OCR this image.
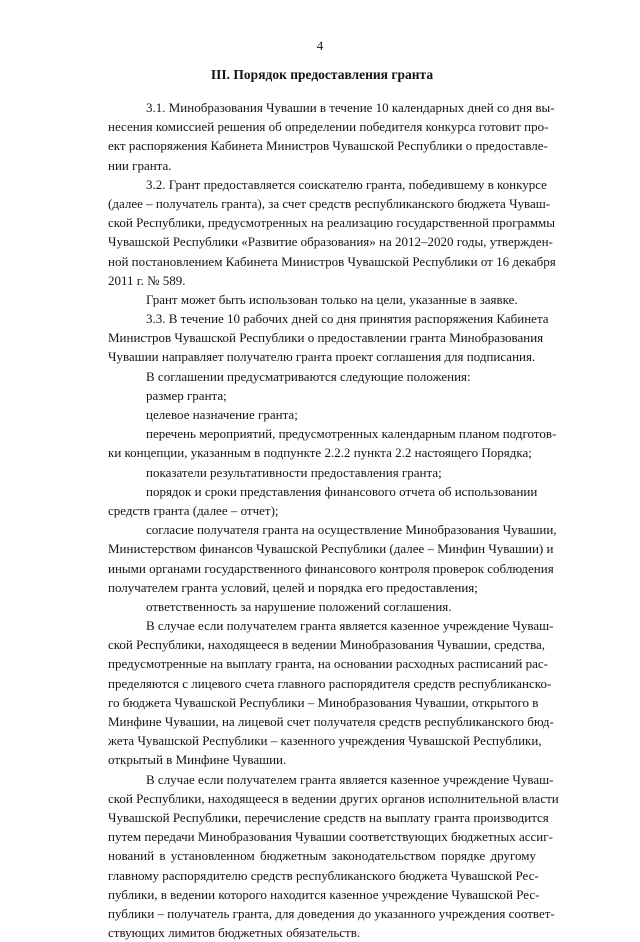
4
III. Порядок предоставления гранта
3.1. Минобразования Чувашии в течение 10 календарных дней со дня вы-
несения комиссией решения об определении победителя конкурса готовит про-
ект распоряжения Кабинета Министров Чувашской Республики о предоставле-
нии гранта.
3.2. Грант предоставляется соискателю гранта, победившему в конкурсе
(далее – получатель гранта), за счет средств республиканского бюджета Чуваш-
ской Республики, предусмотренных на реализацию государственной программы
Чувашской Республики «Развитие образования» на 2012–2020 годы, утвержден-
ной постановлением Кабинета Министров Чувашской Республики от 16 декабря
2011 г. № 589.
Грант может быть использован только на цели, указанные в заявке.
3.3. В течение 10 рабочих дней со дня принятия распоряжения Кабинета
Министров Чувашской Республики о предоставлении гранта Минобразования
Чувашии направляет получателю гранта проект соглашения для подписания.
В соглашении предусматриваются следующие положения:
размер гранта;
целевое назначение гранта;
перечень мероприятий, предусмотренных календарным планом подготов-
ки концепции, указанным в подпункте 2.2.2 пункта 2.2 настоящего Порядка;
показатели результативности предоставления гранта;
порядок и сроки представления финансового отчета об использовании
средств гранта (далее – отчет);
согласие получателя гранта на осуществление Минобразования Чувашии,
Министерством финансов Чувашской Республики (далее – Минфин Чувашии) и
иными органами государственного финансового контроля проверок соблюдения
получателем гранта условий, целей и порядка его предоставления;
ответственность за нарушение положений соглашения.
В случае если получателем гранта является казенное учреждение Чуваш-
ской Республики, находящееся в ведении Минобразования Чувашии, средства,
предусмотренные на выплату гранта, на основании расходных расписаний рас-
пределяются с лицевого счета главного распорядителя средств республиканско-
го бюджета Чувашской Республики – Минобразования Чувашии, открытого в
Минфине Чувашии, на лицевой счет получателя средств республиканского бюд-
жета Чувашской Республики – казенного учреждения Чувашской Республики,
открытый в Минфине Чувашии.
В случае если получателем гранта является казенное учреждение Чуваш-
ской Республики, находящееся в ведении других органов исполнительной власти
Чувашской Республики, перечисление средств на выплату гранта производится
путем передачи Минобразования Чувашии соответствующих бюджетных ассиг-
нований в установленном бюджетным законодательством порядке другому
главному распорядителю средств республиканского бюджета Чувашской Рес-
публики, в ведении которого находится казенное учреждение Чувашской Рес-
публики – получатель гранта, для доведения до указанного учреждения соответ-
ствующих лимитов бюджетных обязательств.
